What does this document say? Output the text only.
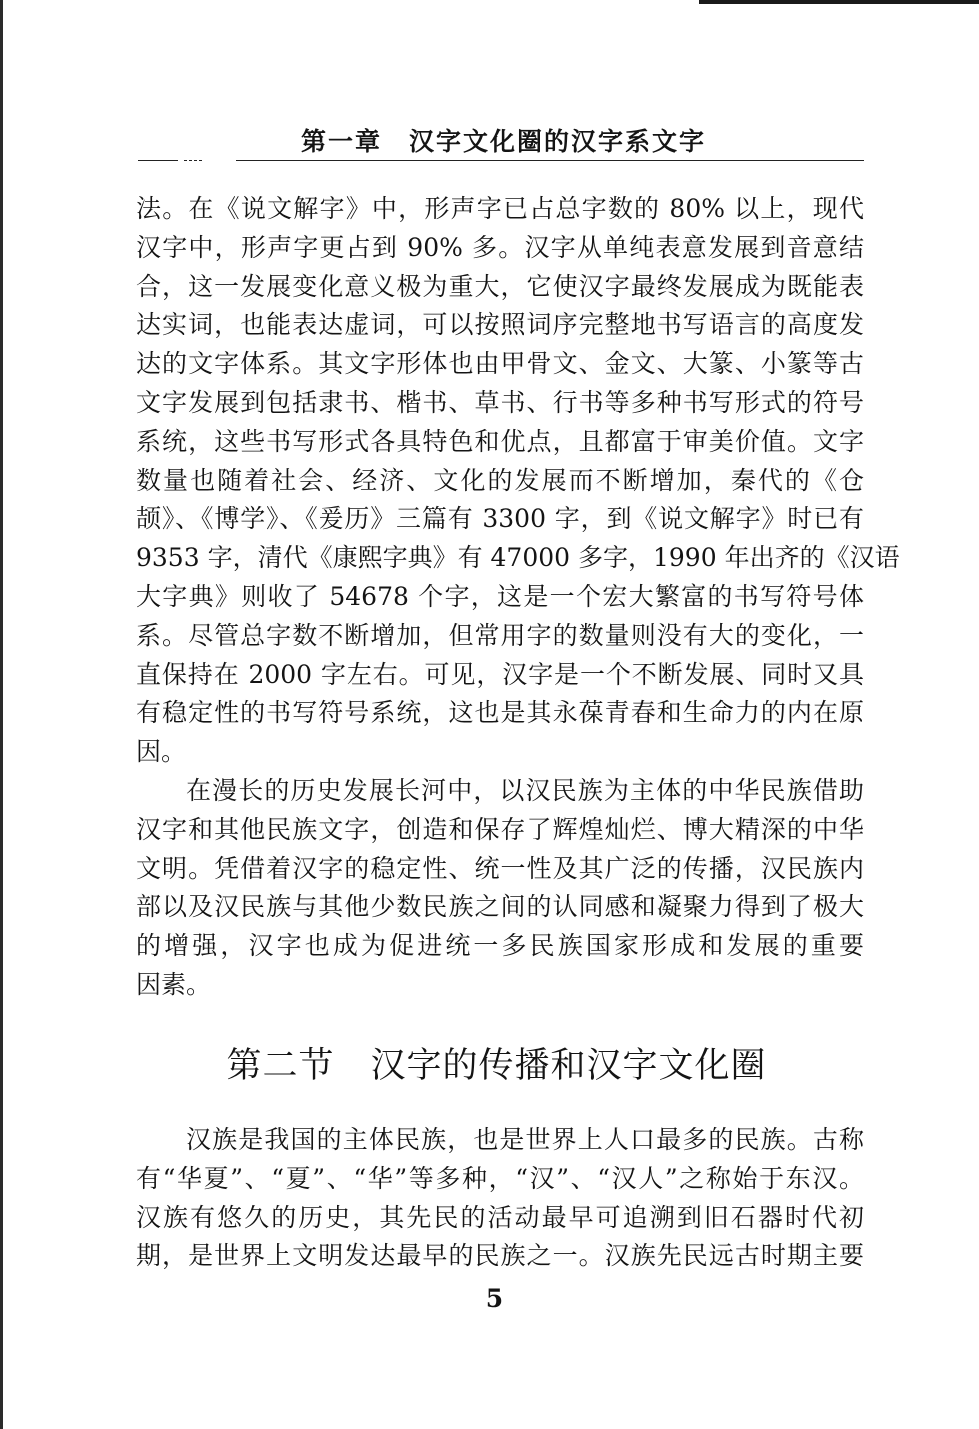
第一章　汉字文化圈的汉字系文字
法。在《说文解字》中，形声字已占总字数的 80% 以上，现代
汉字中，形声字更占到 90% 多。汉字从单纯表意发展到音意结
合，这一发展变化意义极为重大，它使汉字最终发展成为既能表
达实词，也能表达虚词，可以按照词序完整地书写语言的高度发
达的文字体系。其文字形体也由甲骨文、金文、大篆、小篆等古
文字发展到包括隶书、楷书、草书、行书等多种书写形式的符号
系统，这些书写形式各具特色和优点，且都富于审美价值。文字
数量也随着社会、经济、文化的发展而不断增加，秦代的《仓
颉》、《博学》、《爰历》三篇有 3300 字，到《说文解字》时已有
9353 字，清代《康熙字典》有 47000 多字，1990 年出齐的《汉语
大字典》则收了 54678 个字，这是一个宏大繁富的书写符号体
系。尽管总字数不断增加，但常用字的数量则没有大的变化，一
直保持在 2000 字左右。可见，汉字是一个不断发展、同时又具
有稳定性的书写符号系统，这也是其永葆青春和生命力的内在原
因。
在漫长的历史发展长河中，以汉民族为主体的中华民族借助
汉字和其他民族文字，创造和保存了辉煌灿烂、博大精深的中华
文明。凭借着汉字的稳定性、统一性及其广泛的传播，汉民族内
部以及汉民族与其他少数民族之间的认同感和凝聚力得到了极大
的增强，汉字也成为促进统一多民族国家形成和发展的重要
因素。
第二节　汉字的传播和汉字文化圈
汉族是我国的主体民族，也是世界上人口最多的民族。古称
有“华夏”、“夏”、“华”等多种，“汉”、“汉人”之称始于东汉。
汉族有悠久的历史，其先民的活动最早可追溯到旧石器时代初
期，是世界上文明发达最早的民族之一。汉族先民远古时期主要
5
